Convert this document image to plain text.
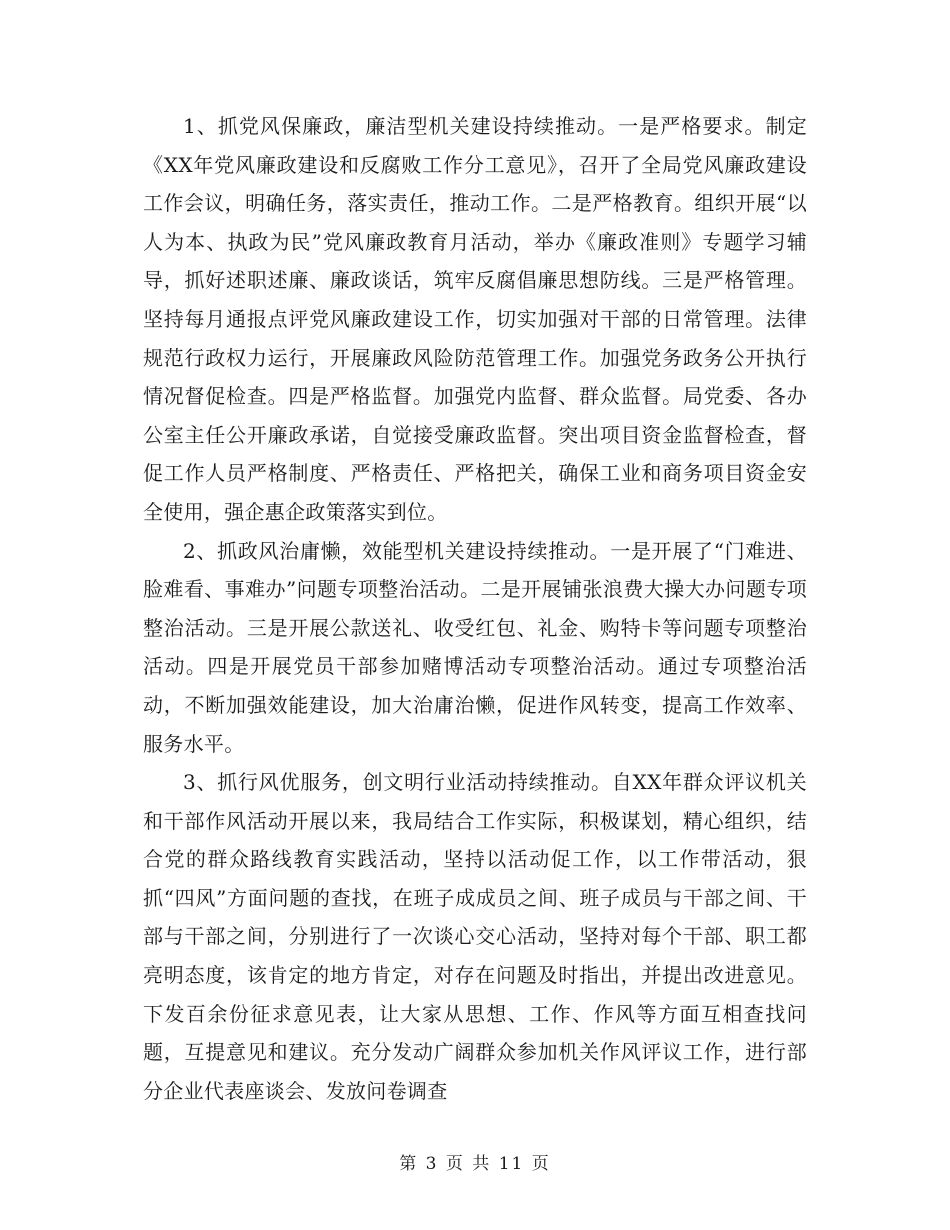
1、抓党风保廉政，廉洁型机关建设持续推动。一是严格要求。制定《XX年党风廉政建设和反腐败工作分工意见》，召开了全局党风廉政建设工作会议，明确任务，落实责任，推动工作。二是严格教育。组织开展“以人为本、执政为民”党风廉政教育月活动，举办《廉政准则》专题学习辅导，抓好述职述廉、廉政谈话，筑牢反腐倡廉思想防线。三是严格管理。坚持每月通报点评党风廉政建设工作，切实加强对干部的日常管理。法律规范行政权力运行，开展廉政风险防范管理工作。加强党务政务公开执行情况督促检查。四是严格监督。加强党内监督、群众监督。局党委、各办公室主任公开廉政承诺，自觉接受廉政监督。突出项目资金监督检查，督促工作人员严格制度、严格责任、严格把关，确保工业和商务项目资金安全使用，强企惠企政策落实到位。

2、抓政风治庸懒，效能型机关建设持续推动。一是开展了“门难进、脸难看、事难办”问题专项整治活动。二是开展铺张浪费大操大办问题专项整治活动。三是开展公款送礼、收受红包、礼金、购特卡等问题专项整治活动。四是开展党员干部参加赌博活动专项整治活动。通过专项整治活动，不断加强效能建设，加大治庸治懒，促进作风转变，提高工作效率、服务水平。

3、抓行风优服务，创文明行业活动持续推动。自XX年群众评议机关和干部作风活动开展以来，我局结合工作实际，积极谋划，精心组织，结合党的群众路线教育实践活动，坚持以活动促工作，以工作带活动，狠抓“四风”方面问题的查找，在班子成成员之间、班子成员与干部之间、干部与干部之间，分别进行了一次谈心交心活动，坚持对每个干部、职工都亮明态度，该肯定的地方肯定，对存在问题及时指出，并提出改进意见。下发百余份征求意见表，让大家从思想、工作、作风等方面互相查找问题，互提意见和建议。充分发动广阔群众参加机关作风评议工作，进行部分企业代表座谈会、发放问卷调查

第 3 页 共 11 页
